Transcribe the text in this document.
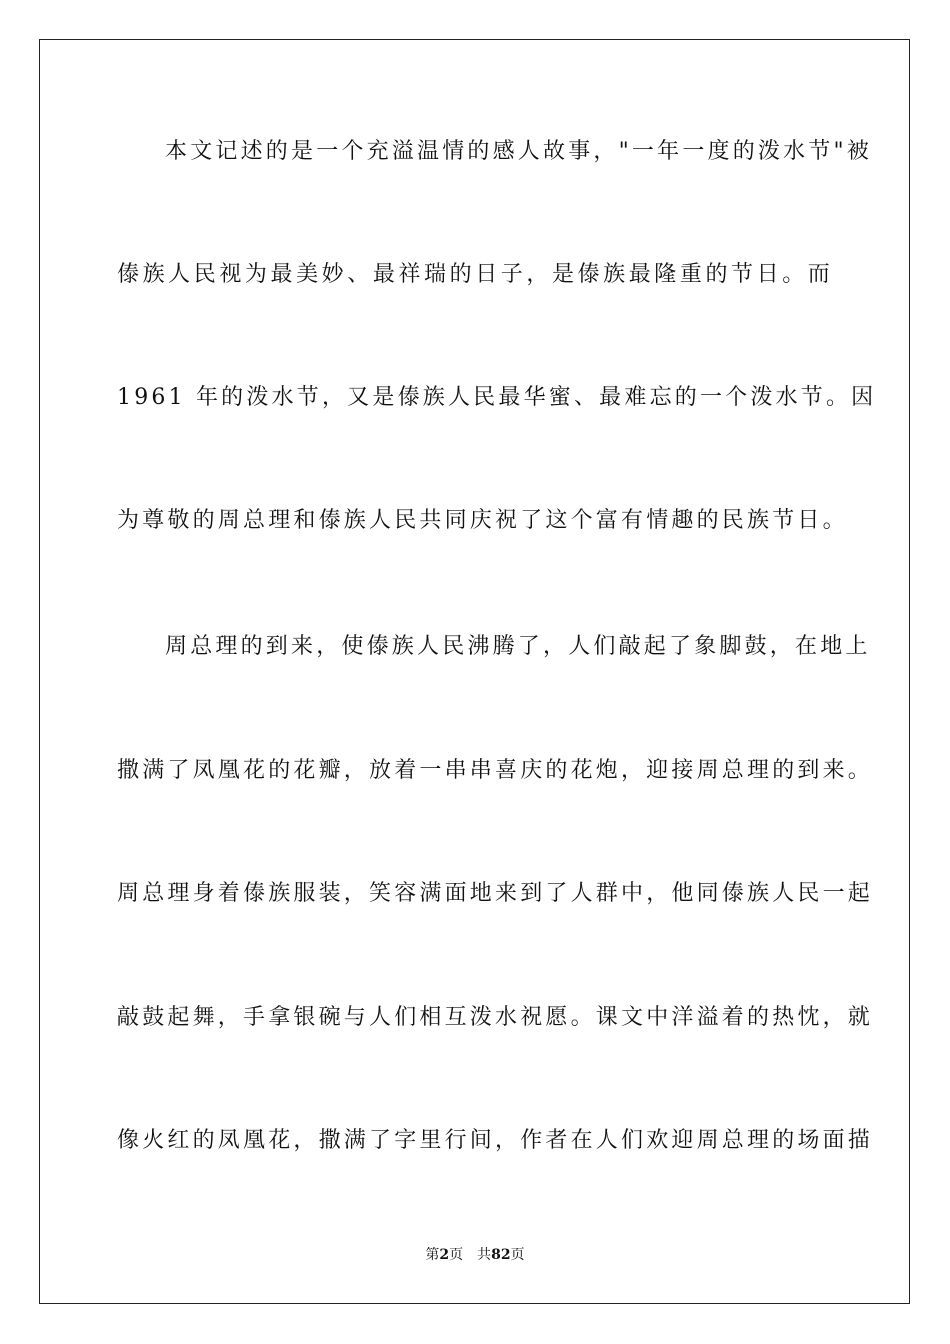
本文记述的是一个充溢温情的感人故事，"一年一度的泼水节"被
傣族人民视为最美妙、最祥瑞的日子，是傣族最隆重的节日。而
1961 年的泼水节，又是傣族人民最华蜜、最难忘的一个泼水节。因
为尊敬的周总理和傣族人民共同庆祝了这个富有情趣的民族节日。
周总理的到来，使傣族人民沸腾了，人们敲起了象脚鼓，在地上
撒满了凤凰花的花瓣，放着一串串喜庆的花炮，迎接周总理的到来。
周总理身着傣族服装，笑容满面地来到了人群中，他同傣族人民一起
敲鼓起舞，手拿银碗与人们相互泼水祝愿。课文中洋溢着的热忱，就
像火红的凤凰花，撒满了字里行间，作者在人们欢迎周总理的场面描
第2页 共82页
